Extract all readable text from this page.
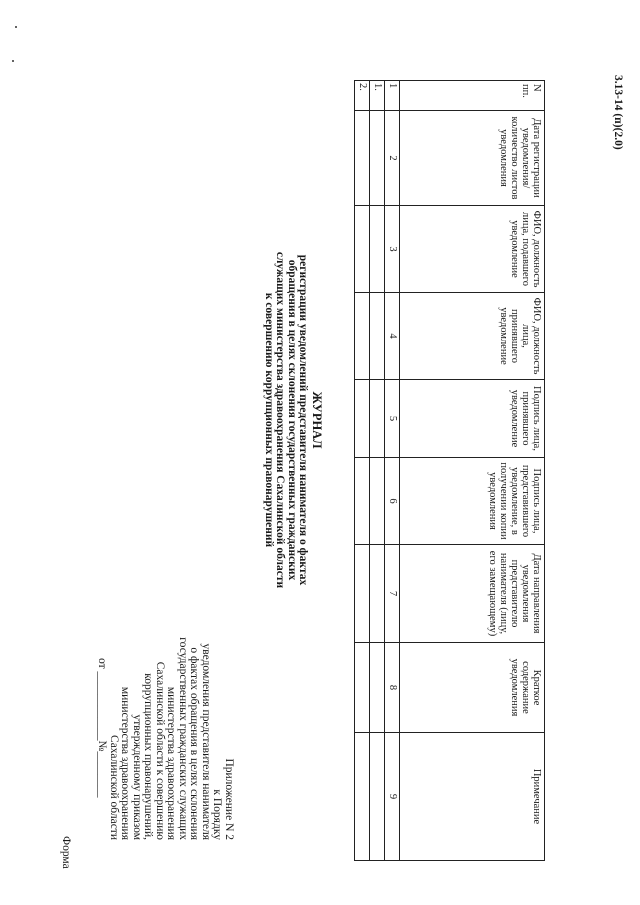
Форма
Приложение N 2
к Порядку
уведомления представителя нанимателя
о фактах обращения в целях склонения
государственных гражданских служащих
министерства здравоохранения
Сахалинской области к совершению
коррупционных правонарушений,
утвержденному приказом
министерства здравоохранения
Сахалинской области
от ____________№________
ЖУРНАЛ
регистрации уведомлений представителя нанимателя о фактах
обращения в целях склонения государственных гражданских
служащих министерства здравоохранения Сахалинской области
к совершению коррупционных правонарушений
N пп.	Дата регистрации уведомления/количество листов уведомления	ФИО, должность лица, подавшего уведомление	ФИО, должность лица, принявшего уведомление	Подпись лица, принявшего уведомление	Подпись лица, представившего уведомление, в получении копии уведомления	Дата направления уведомления представителю нанимателя (лицу, его замещающему)	Краткое содержание уведомления	Примечание
1	2	3	4	5	6	7	8	9
1.								
2.									3.13-14 (п)(2.0)
